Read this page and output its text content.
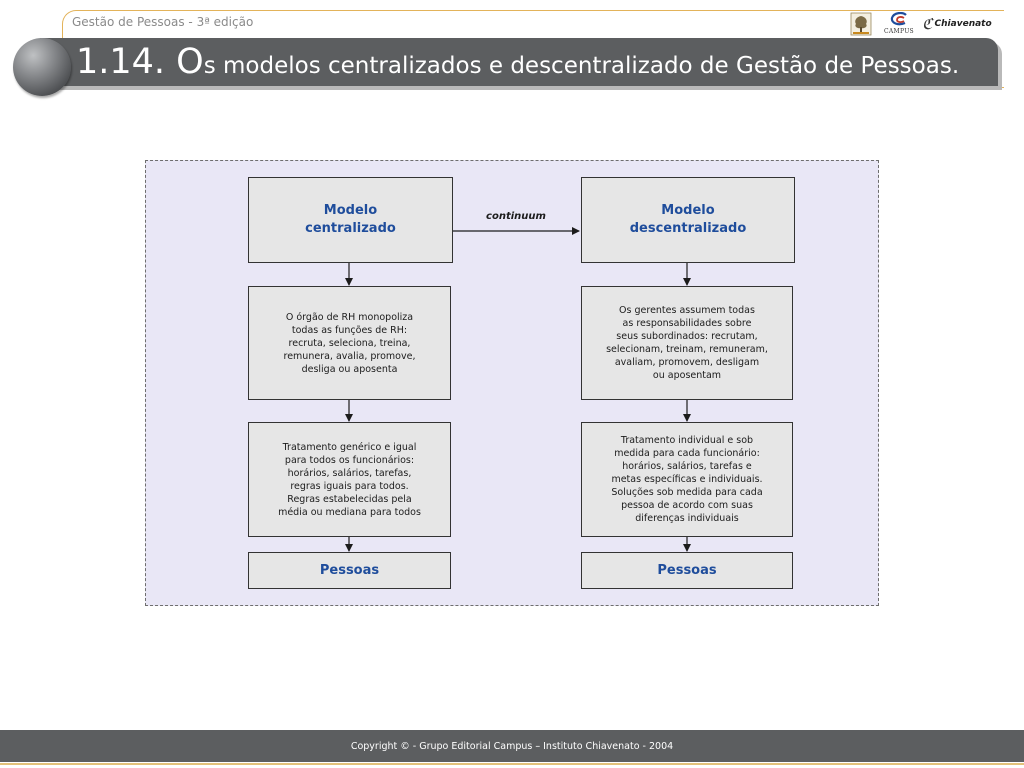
Gestão de Pessoas - 3ª edição
CAMPUS ℭ Chiavenato
1.14. Os modelos centralizados e descentralizado de Gestão de Pessoas.
continuum
Modelo
centralizado
O órgão de RH monopoliza
todas as funções de RH:
recruta, seleciona, treina,
remunera, avalia, promove,
desliga ou aposenta
Tratamento genérico e igual
para todos os funcionários:
horários, salários, tarefas,
regras iguais para todos.
Regras estabelecidas pela
média ou mediana para todos
Pessoas
Modelo
descentralizado
Os gerentes assumem todas
as responsabilidades sobre
seus subordinados: recrutam,
selecionam, treinam, remuneram,
avaliam, promovem, desligam
ou aposentam
Tratamento individual e sob
medida para cada funcionário:
horários, salários, tarefas e
metas específicas e individuais.
Soluções sob medida para cada
pessoa de acordo com suas
diferenças individuais
Pessoas
Copyright © - Grupo Editorial Campus – Instituto Chiavenato - 2004
